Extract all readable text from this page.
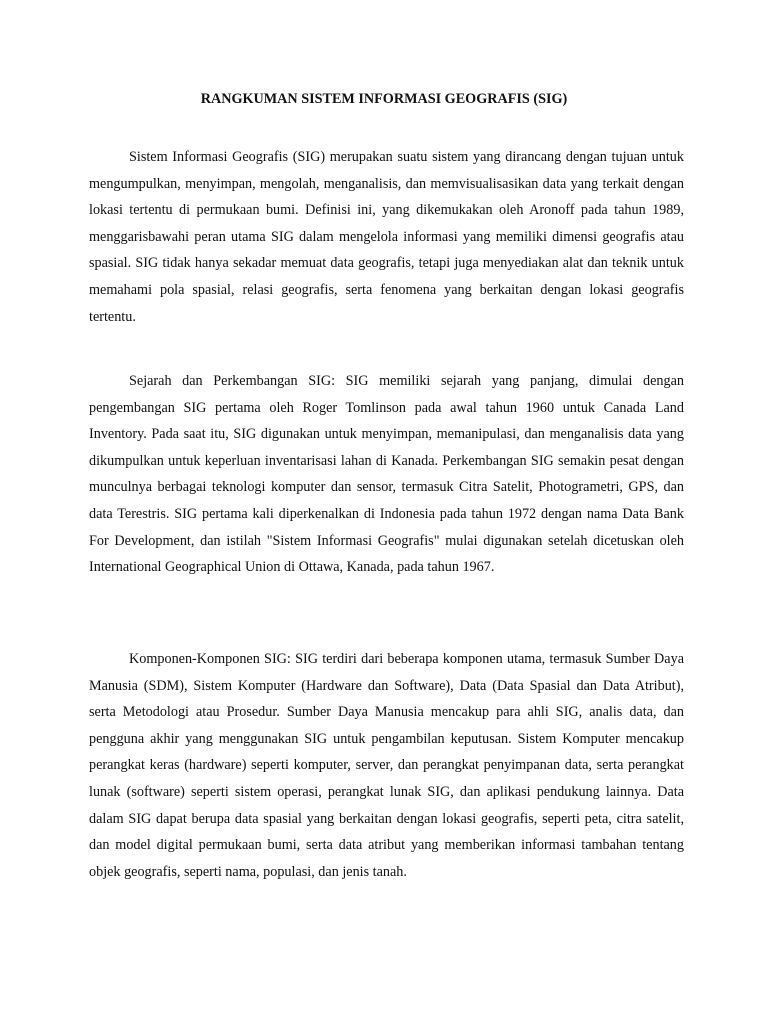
RANGKUMAN SISTEM INFORMASI GEOGRAFIS (SIG)

Sistem Informasi Geografis (SIG) merupakan suatu sistem yang dirancang dengan tujuan untuk mengumpulkan, menyimpan, mengolah, menganalisis, dan memvisualisasikan data yang terkait dengan lokasi tertentu di permukaan bumi. Definisi ini, yang dikemukakan oleh Aronoff pada tahun 1989, menggarisbawahi peran utama SIG dalam mengelola informasi yang memiliki dimensi geografis atau spasial. SIG tidak hanya sekadar memuat data geografis, tetapi juga menyediakan alat dan teknik untuk memahami pola spasial, relasi geografis, serta fenomena yang berkaitan dengan lokasi geografis tertentu.

Sejarah dan Perkembangan SIG: SIG memiliki sejarah yang panjang, dimulai dengan pengembangan SIG pertama oleh Roger Tomlinson pada awal tahun 1960 untuk Canada Land Inventory. Pada saat itu, SIG digunakan untuk menyimpan, memanipulasi, dan menganalisis data yang dikumpulkan untuk keperluan inventarisasi lahan di Kanada. Perkembangan SIG semakin pesat dengan munculnya berbagai teknologi komputer dan sensor, termasuk Citra Satelit, Photogrametri, GPS, dan data Terestris. SIG pertama kali diperkenalkan di Indonesia pada tahun 1972 dengan nama Data Bank For Development, dan istilah "Sistem Informasi Geografis" mulai digunakan setelah dicetuskan oleh International Geographical Union di Ottawa, Kanada, pada tahun 1967.

Komponen-Komponen SIG: SIG terdiri dari beberapa komponen utama, termasuk Sumber Daya Manusia (SDM), Sistem Komputer (Hardware dan Software), Data (Data Spasial dan Data Atribut), serta Metodologi atau Prosedur. Sumber Daya Manusia mencakup para ahli SIG, analis data, dan pengguna akhir yang menggunakan SIG untuk pengambilan keputusan. Sistem Komputer mencakup perangkat keras (hardware) seperti komputer, server, dan perangkat penyimpanan data, serta perangkat lunak (software) seperti sistem operasi, perangkat lunak SIG, dan aplikasi pendukung lainnya. Data dalam SIG dapat berupa data spasial yang berkaitan dengan lokasi geografis, seperti peta, citra satelit, dan model digital permukaan bumi, serta data atribut yang memberikan informasi tambahan tentang objek geografis, seperti nama, populasi, dan jenis tanah.
